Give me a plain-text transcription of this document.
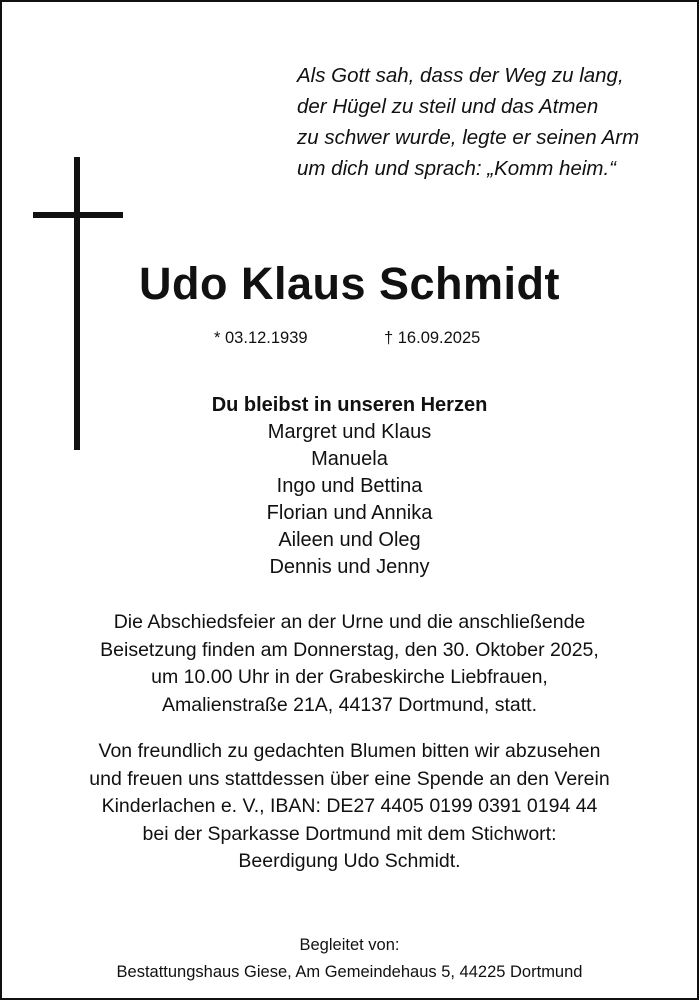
Als Gott sah, dass der Weg zu lang,
der Hügel zu steil und das Atmen
zu schwer wurde, legte er seinen Arm
um dich und sprach: „Komm heim.“

Udo Klaus Schmidt
* 03.12.1939	† 16.09.2025
Du bleibst in unseren Herzen
Margret und Klaus
Manuela
Ingo und Bettina
Florian und Annika
Aileen und Oleg
Dennis und Jenny

Die Abschiedsfeier an der Urne und die anschließende
Beisetzung finden am Donnerstag, den 30. Oktober 2025,
um 10.00 Uhr in der Grabeskirche Liebfrauen,
Amalienstraße 21A, 44137 Dortmund, statt.

Von freundlich zu gedachten Blumen bitten wir abzusehen
und freuen uns stattdessen über eine Spende an den Verein
Kinderlachen e. V., IBAN: DE27 4405 0199 0391 0194 44
bei der Sparkasse Dortmund mit dem Stichwort:
Beerdigung Udo Schmidt.

Begleitet von:
Bestattungshaus Giese, Am Gemeindehaus 5, 44225 Dortmund
